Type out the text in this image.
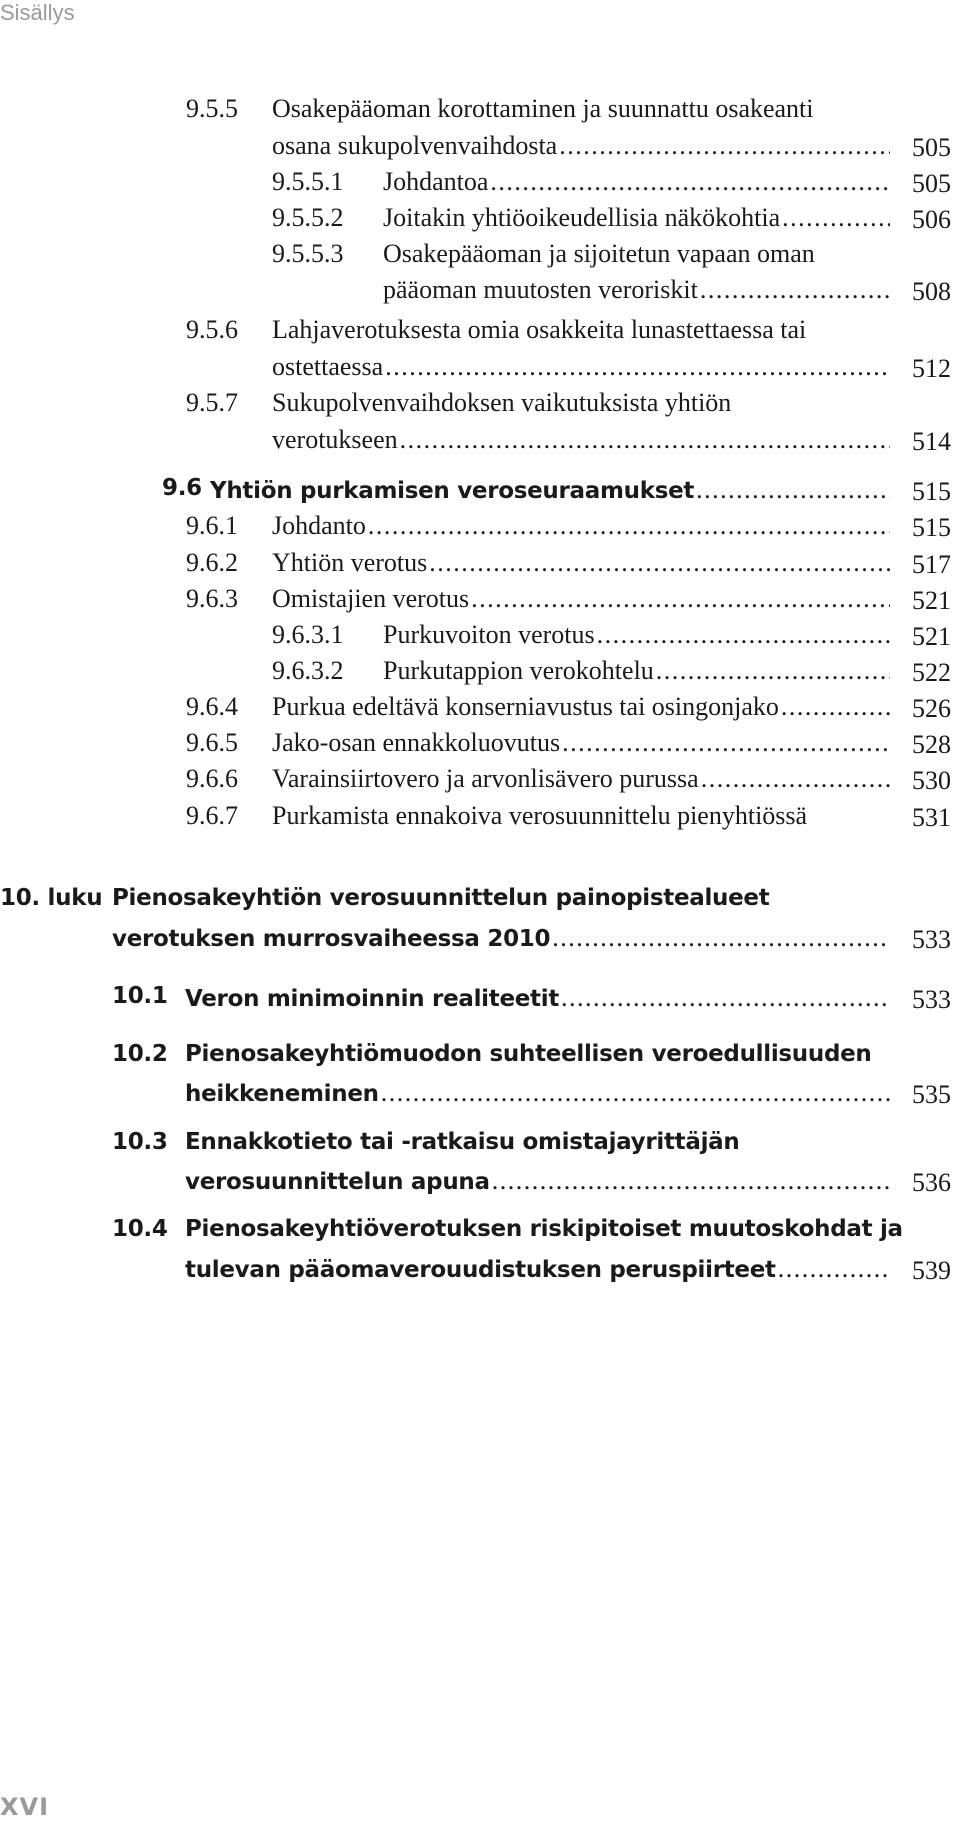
Sisällys
9.5.5 Osakepääoman korottaminen ja suunnattu osakeanti
osana sukupolvenvaihdosta .....	505
9.5.5.1 Johdantoa .....	505
9.5.5.2 Joitakin yhtiöoikeudellisia näkökohtia .....	506
9.5.5.3 Osakepääoman ja sijoitetun vapaan oman
pääoman muutosten veroriskit .....	508
9.5.6 Lahjaverotuksesta omia osakkeita lunastettaessa tai
ostettaessa .....	512
9.5.7 Sukupolvenvaihdoksen vaikutuksista yhtiön
verotukseen .....	514
9.6 Yhtiön purkamisen veroseuraamukset .....	515
9.6.1 Johdanto .....	515
9.6.2 Yhtiön verotus .....	517
9.6.3 Omistajien verotus .....	521
9.6.3.1 Purkuvoiton verotus .....	521
9.6.3.2 Purkutappion verokohtelu .....	522
9.6.4 Purkua edeltävä konserniavustus tai osingonjako .....	526
9.6.5 Jako-osan ennakkoluovutus .....	528
9.6.6 Varainsiirtovero ja arvonlisävero purussa .....	530
9.6.7 Purkamista ennakoiva verosuunnittelu pienyhtiössä	531
10. luku Pienosakeyhtiön verosuunnittelun painopistealueet
verotuksen murrosvaiheessa 2010 .....	533
10.1 Veron minimoinnin realiteetit .....	533
10.2 Pienosakeyhtiömuodon suhteellisen veroedullisuuden
heikkeneminen .....	535
10.3 Ennakkotieto tai -ratkaisu omistajayrittäjän
verosuunnittelun apuna .....	536
10.4 Pienosakeyhtiöverotuksen riskipitoiset muutoskohdat ja
tulevan pääomaverouudistuksen peruspiirteet .....	539
XVI
